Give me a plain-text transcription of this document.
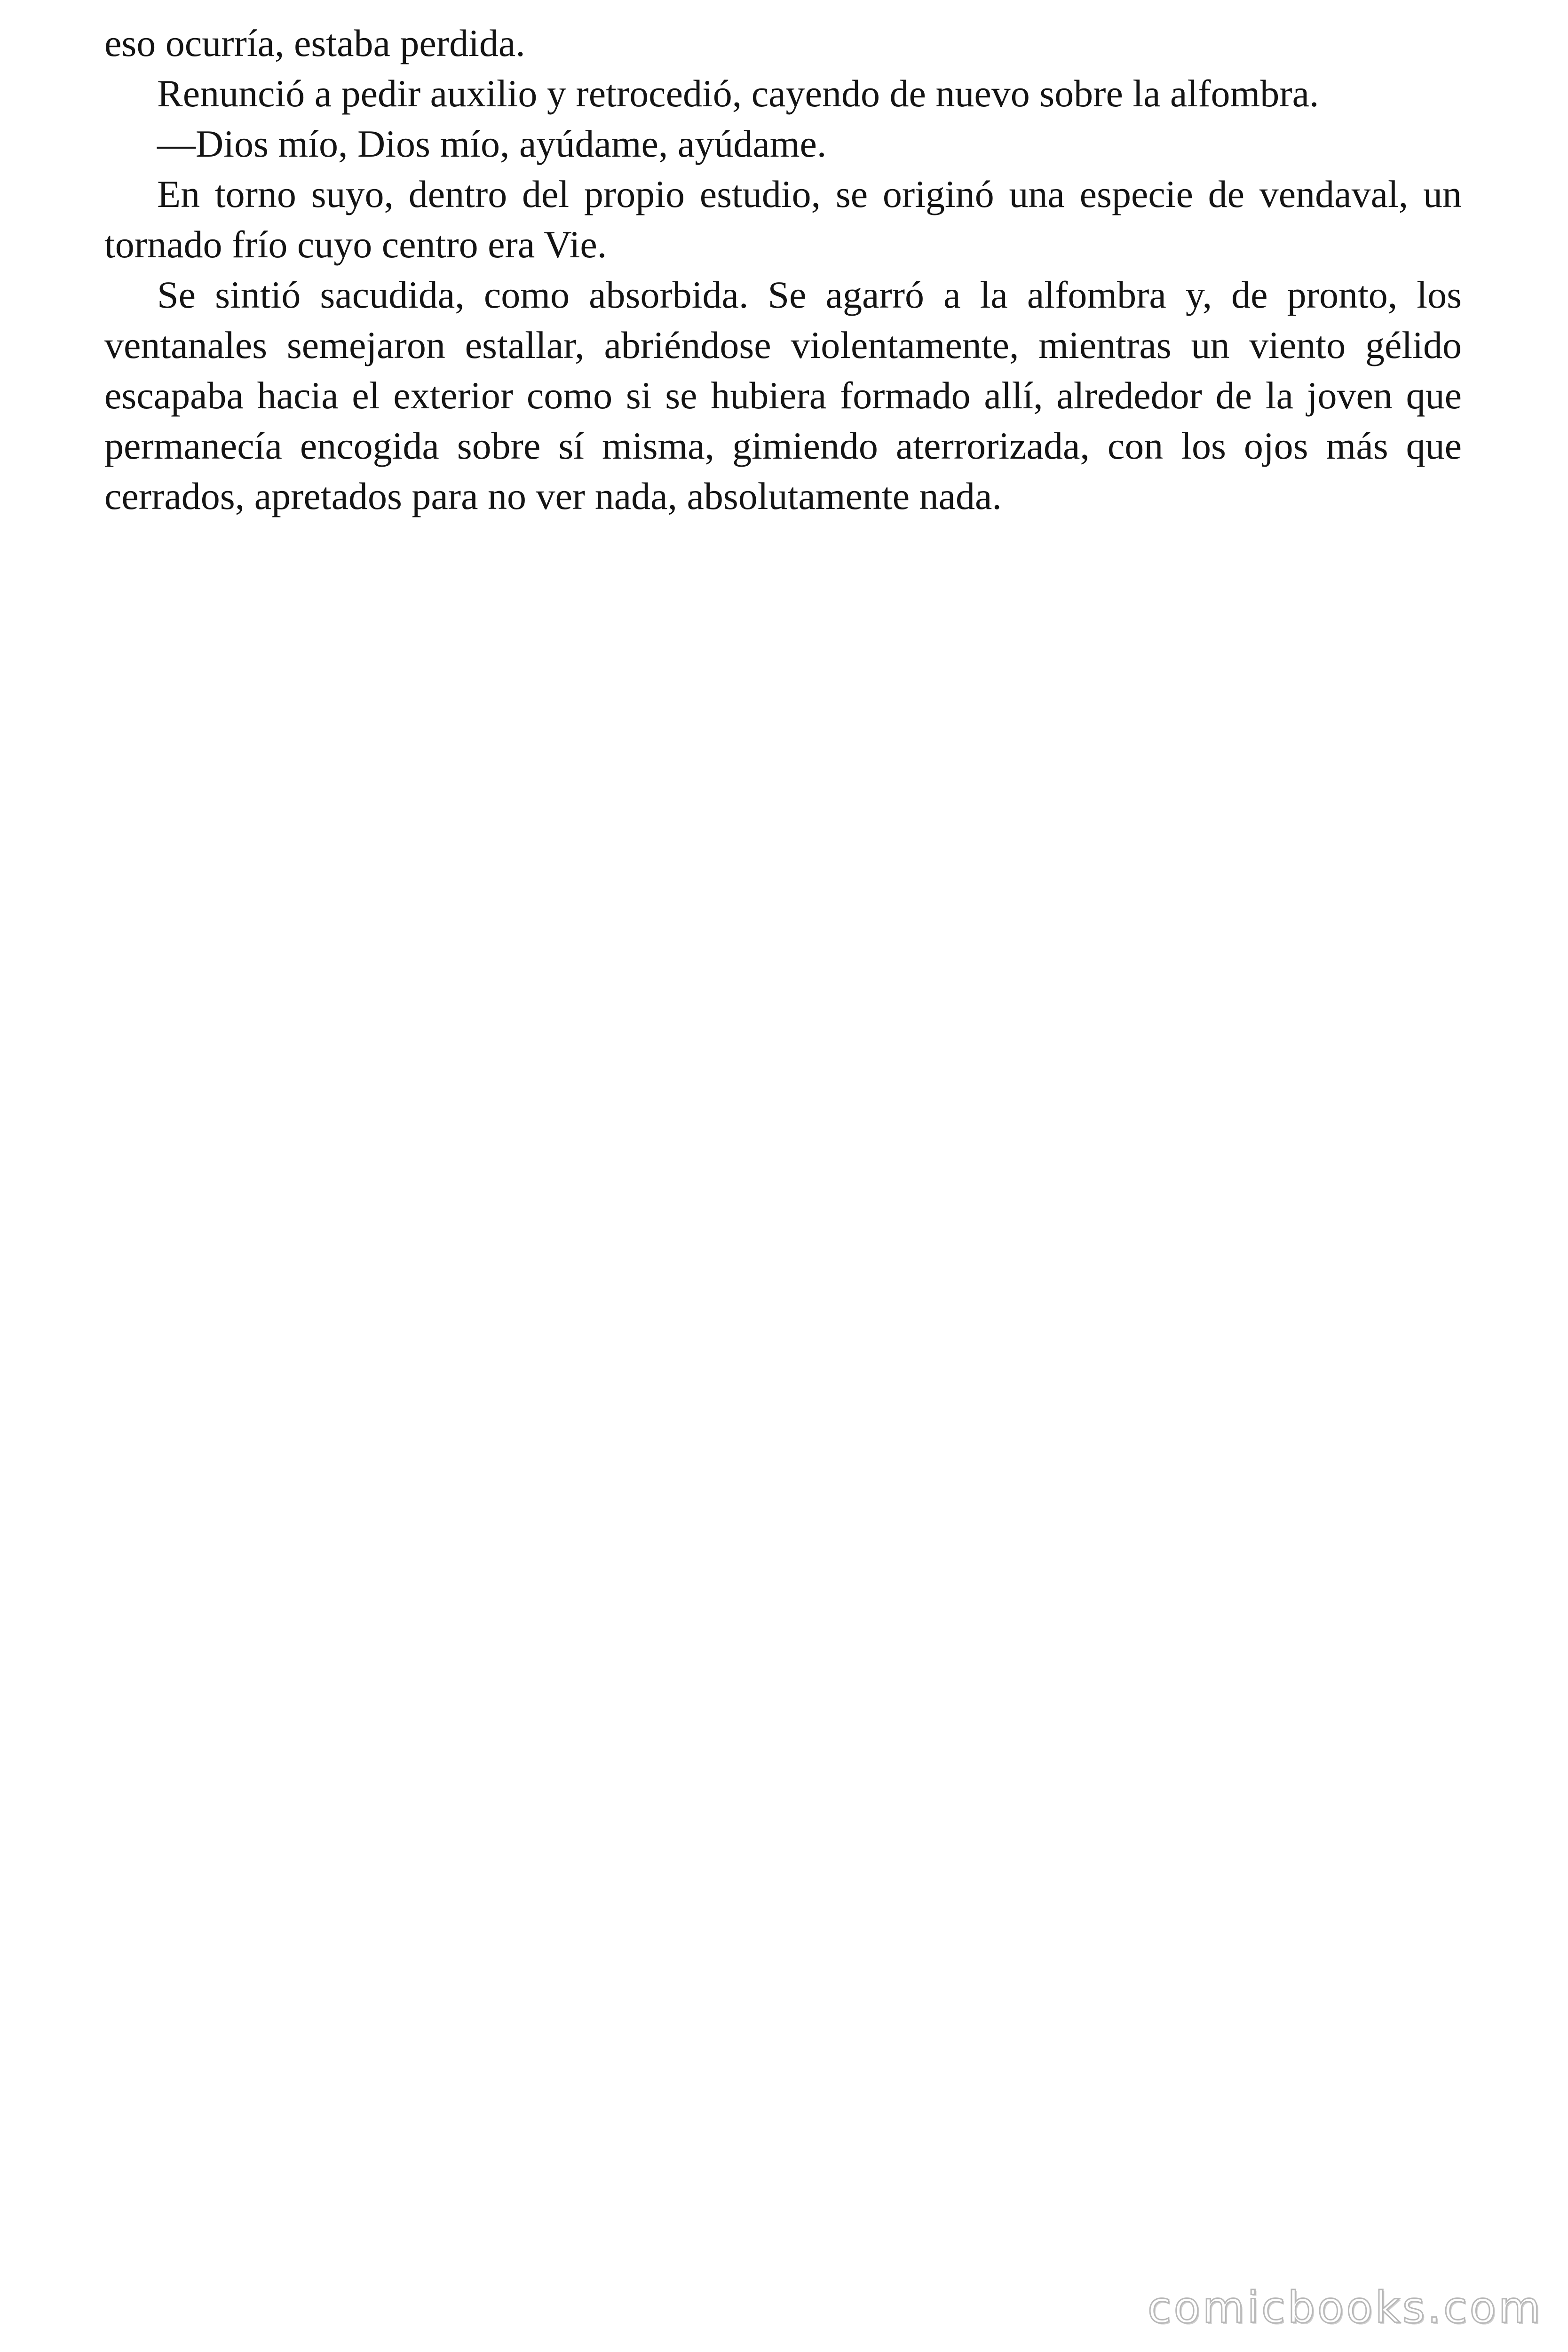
eso ocurría, estaba perdida.

Renunció a pedir auxilio y retrocedió, cayendo de nuevo sobre la alfombra.

—Dios mío, Dios mío, ayúdame, ayúdame.

En torno suyo, dentro del propio estudio, se originó una especie de vendaval, un tornado frío cuyo centro era Vie.

Se sintió sacudida, como absorbida. Se agarró a la alfombra y, de pronto, los ventanales semejaron estallar, abriéndose violentamente, mientras un viento gélido escapaba hacia el exterior como si se hubiera formado allí, alrededor de la joven que permanecía encogida sobre sí misma, gimiendo aterrorizada, con los ojos más que cerrados, apretados para no ver nada, absolutamente nada.

comicbooks.com
